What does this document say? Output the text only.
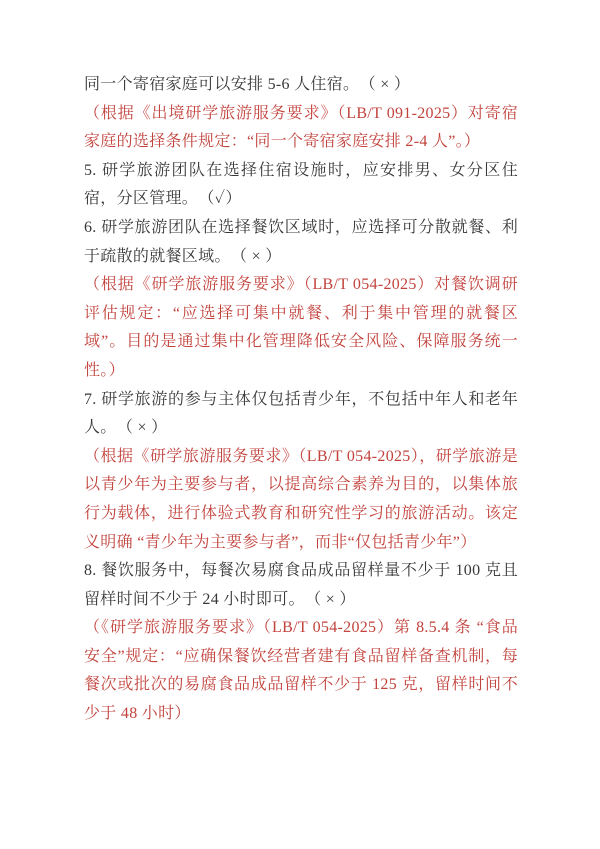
同一个寄宿家庭可以安排 5-6 人住宿。　（ × ）

（根据《出境研学旅游服务要求》（LB/T 091-2025）对寄宿家庭的选择条件规定：“同一个寄宿家庭安排 2-4 人”。）

5. 研学旅游团队在选择住宿设施时，应安排男、女分区住宿，分区管理。　（✓）

6. 研学旅游团队在选择餐饮区域时，应选择可分散就餐、利于疏散的就餐区域。　（ × ）

（根据《研学旅游服务要求》（LB/T 054-2025）对餐饮调研评估规定：“应选择可集中就餐、利于集中管理的就餐区域”。目的是通过集中化管理降低安全风险、保障服务统一性。）

7. 研学旅游的参与主体仅包括青少年，不包括中年人和老年人。　（ × ）

（根据《研学旅游服务要求》（LB/T 054-2025），研学旅游是以青少年为主要参与者，以提高综合素养为目的，以集体旅行为载体，进行体验式教育和研究性学习的旅游活动。该定义明确 “青少年为主要参与者”，而非“仅包括青少年”）

8. 餐饮服务中，每餐次易腐食品成品留样量不少于 100 克且留样时间不少于 24 小时即可。　（ × ）

（《研学旅游服务要求》（LB/T 054-2025）第 8.5.4 条 “食品安全”规定：“应确保餐饮经营者建有食品留样备查机制，每餐次或批次的易腐食品成品留样不少于 125 克，留样时间不少于 48 小时）
